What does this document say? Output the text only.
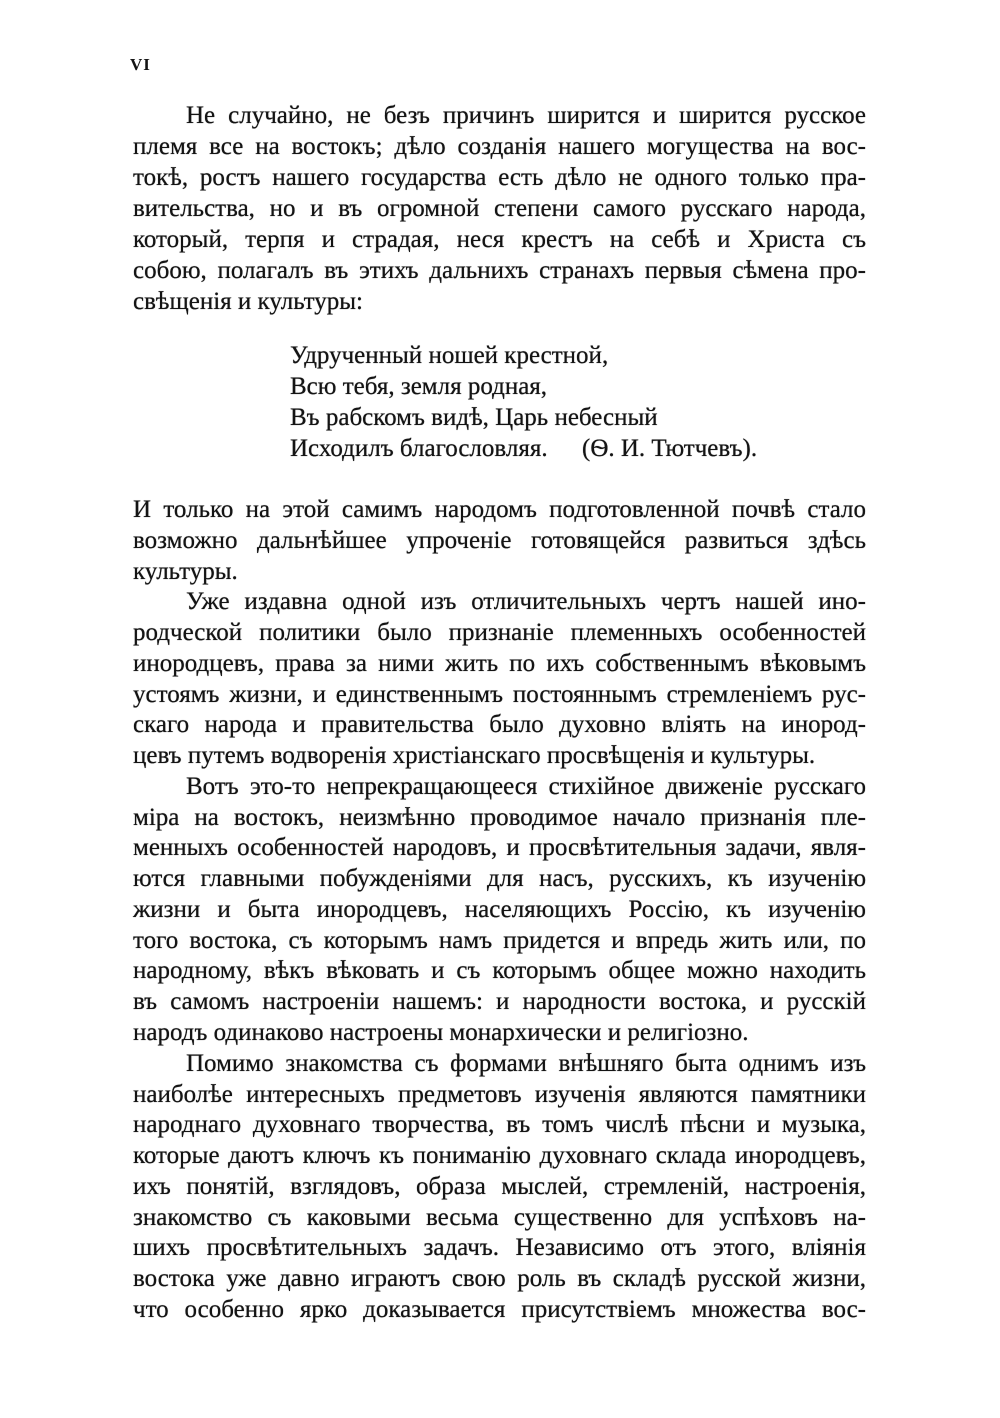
VI
Не случайно, не безъ причинъ ширится и ширится русское
племя все на востокъ; дѣло созданія нашего могущества на вос-
токѣ, ростъ нашего государства есть дѣло не одного только пра-
вительства, но и въ огромной степени самого русскаго народа,
который, терпя и страдая, неся крестъ на себѣ и Христа съ
собою, полагалъ въ этихъ дальнихъ странахъ первыя сѣмена про-
свѣщенія и культуры:
Удрученный ношей крестной,
Всю тебя, земля родная,
Въ рабскомъ видѣ, Царь небесный
Исходилъ благословляя. (Ѳ. И. Тютчевъ).
И только на этой самимъ народомъ подготовленной почвѣ стало
возможно дальнѣйшее упроченіе готовящейся развиться здѣсь
культуры.
Уже издавна одной изъ отличительныхъ чертъ нашей ино-
родческой политики было признаніе племенныхъ особенностей
инородцевъ, права за ними жить по ихъ собственнымъ вѣковымъ
устоямъ жизни, и единственнымъ постояннымъ стремленіемъ рус-
скаго народа и правительства было духовно вліять на инород-
цевъ путемъ водворенія христіанскаго просвѣщенія и культуры.
Вотъ это-то непрекращающееся стихійное движеніе русскаго
міра на востокъ, неизмѣнно проводимое начало признанія пле-
менныхъ особенностей народовъ, и просвѣтительныя задачи, явля-
ются главными побужденіями для насъ, русскихъ, къ изученію
жизни и быта инородцевъ, населяющихъ Россію, къ изученію
того востока, съ которымъ намъ придется и впредь жить или, по
народному, вѣкъ вѣковать и съ которымъ общее можно находить
въ самомъ настроеніи нашемъ: и народности востока, и русскій
народъ одинаково настроены монархически и религіозно.
Помимо знакомства съ формами внѣшняго быта однимъ изъ
наиболѣе интересныхъ предметовъ изученія являются памятники
народнаго духовнаго творчества, въ томъ числѣ пѣсни и музыка,
которые даютъ ключъ къ пониманію духовнаго склада инородцевъ,
ихъ понятій, взглядовъ, образа мыслей, стремленій, настроенія,
знакомство съ каковыми весьма существенно для успѣховъ на-
шихъ просвѣтительныхъ задачъ. Независимо отъ этого, вліянія
востока уже давно играютъ свою роль въ складѣ русской жизни,
что особенно ярко доказывается присутствіемъ множества вос-
